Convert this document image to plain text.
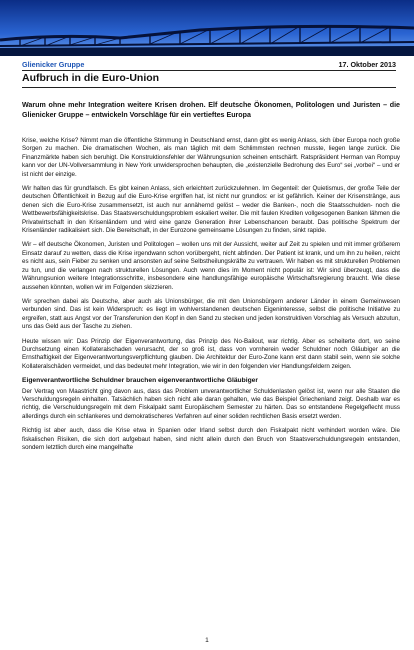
Glienicker Gruppe	17. Oktober 2013
Aufbruch in die Euro-Union
Warum ohne mehr Integration weitere Krisen drohen. Elf deutsche Ökonomen, Politologen und Juristen – die Glienicker Gruppe – entwickeln Vorschläge für ein vertieftes Europa

Krise, welche Krise? Nimmt man die öffentliche Stimmung in Deutschland ernst, dann gibt es wenig Anlass, sich über Europa noch große Sorgen zu machen. Die dramatischen Wochen, als man täglich mit dem Schlimmsten rechnen musste, liegen lange zurück. Die Finanzmärkte haben sich beruhigt. Die Konstruktionsfehler der Währungsunion scheinen entschärft. Ratspräsident Herman van Rompuy kann vor der UN-Vollversammlung in New York unwidersprochen behaupten, die „existenzielle Bedrohung des Euro“ sei „vorbei“ – und er ist nicht der einzige.

Wir halten das für grundfalsch. Es gibt keinen Anlass, sich erleichtert zurückzulehnen. Im Gegenteil: der Quietismus, der große Teile der deutschen Öffentlichkeit in Bezug auf die Euro-Krise ergriffen hat, ist nicht nur grundlos: er ist gefährlich. Keiner der Krisenstränge, aus denen sich die Euro-Krise zusammensetzt, ist auch nur annähernd gelöst – weder die Banken-, noch die Staatsschulden- noch die Wettbewerbsfähigkeitskrise. Das Staatsverschuldungsproblem eskaliert weiter. Die mit faulen Krediten vollgesogenen Banken lähmen die Privatwirtschaft in den Krisenländern und wird eine ganze Generation ihrer Lebenschancen beraubt. Das politische Spektrum der Krisenländer radikalisiert sich. Die Bereitschaft, in der Eurozone gemeinsame Lösungen zu finden, sinkt rapide.

Wir – elf deutsche Ökonomen, Juristen und Politologen – wollen uns mit der Aussicht, weiter auf Zeit zu spielen und mit immer größerem Einsatz darauf zu wetten, dass die Krise irgendwann schon vorübergeht, nicht abfinden. Der Patient ist krank, und um ihn zu heilen, reicht es nicht aus, sein Fieber zu senken und ansonsten auf seine Selbstheilungskräfte zu vertrauen. Wir haben es mit strukturellen Problemen zu tun, und die verlangen nach strukturellen Lösungen. Auch wenn dies im Moment nicht populär ist: Wir sind überzeugt, dass die Währungsunion weitere Integrationsschritte, insbesondere eine handlungsfähige europäische Wirtschaftsregierung braucht. Wie diese aussehen könnten, wollen wir im Folgenden skizzieren.

Wir sprechen dabei als Deutsche, aber auch als Unionsbürger, die mit den Unionsbürgern anderer Länder in einem Gemeinwesen verbunden sind. Das ist kein Widerspruch: es liegt im wohlverstandenen deutschen Eigeninteresse, selbst die politische Initiative zu ergreifen, statt aus Angst vor der Transferunion den Kopf in den Sand zu stecken und jeden konstruktiven Vorschlag als Versuch abzutun, uns das Geld aus der Tasche zu ziehen.

Heute wissen wir: Das Prinzip der Eigenverantwortung, das Prinzip des No-Bailout, war richtig. Aber es scheiterte dort, wo seine Durchsetzung einen Kollateralschaden verursacht, der so groß ist, dass von vornherein weder Schuldner noch Gläubiger an die Ernsthaftigkeit der Eigenverantwortungsverpflichtung glauben. Die Architektur der Euro-Zone kann erst dann stabil sein, wenn sie solche Kollateralschäden vermeidet, und das bedeutet mehr Integration, wie wir in den folgenden vier Handlungsfeldern zeigen.

Eigenverantwortliche Schuldner brauchen eigenverantwortliche Gläubiger

Der Vertrag von Maastricht ging davon aus, dass das Problem unverantwortlicher Schuldenlasten gelöst ist, wenn nur alle Staaten die Verschuldungsregeln einhalten. Tatsächlich haben sich nicht alle daran gehalten, wie das Beispiel Griechenland zeigt. Deshalb war es richtig, die Verschuldungsregeln mit dem Fiskalpakt samt Europäischem Semester zu härten. Das so entstandene Regelgeflecht muss allerdings durch ein schlankeres und demokratischeres Verfahren auf einer soliden rechtlichen Basis ersetzt werden.

Richtig ist aber auch, dass die Krise etwa in Spanien oder Irland selbst durch den Fiskalpakt nicht verhindert worden wäre. Die fiskalischen Risiken, die sich dort aufgebaut haben, sind nicht allein durch den Bruch von Staatsverschuldungsregeln entstanden, sondern letztlich durch eine mangelhafte

1
